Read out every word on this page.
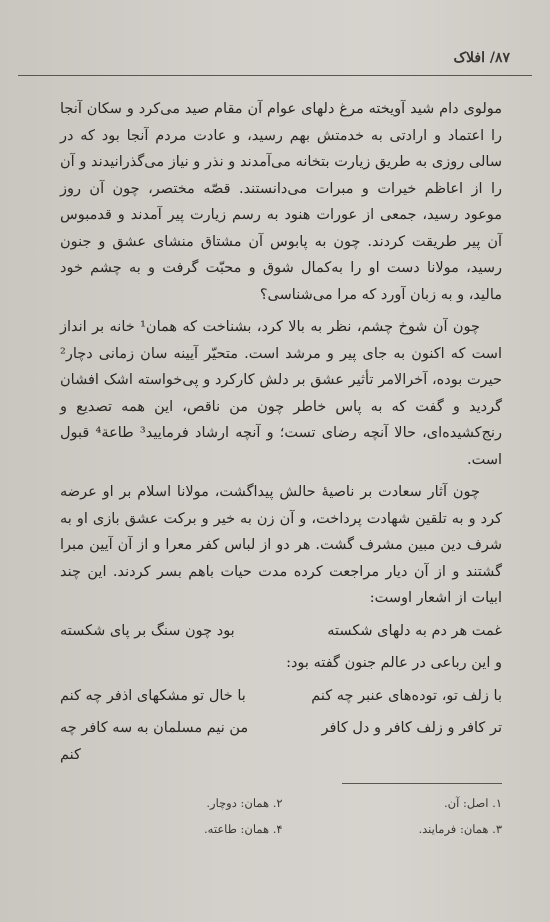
۸۷/ افلاک

مولوی دام شید آویخته مرغ دلهای عوام آن مقام صید می‌کرد و سکان آنجا را اعتماد و ارادتی به خدمتش بهم رسید، و عادت مردم آنجا بود که در سالی روزی به طریق زیارت بتخانه می‌آمدند و نذر و نیاز می‌گذرانیدند و آن را از اعاظم خیرات و مبرات می‌دانستند. قصّه مختصر، چون آن روز موعود رسید، جمعی از عورات هنود به رسم زیارت پیر آمدند و قدمبوس آن پیر طریقت کردند. چون به پابوس آن مشتاق منشای عشق و جنون رسید، مولانا دست او را به‌کمال شوق و محبّت گرفت و به چشم خود مالید، و به زبان آورد که مرا می‌شناسی؟

چون آن شوخ چشم، نظر به بالا کرد، بشناخت که همان¹ خانه بر انداز است که اکنون به جای پیر و مرشد است. متحیّر آیینه سان زمانی دچار² حیرت بوده، آخرالامر تأثیر عشق بر دلش کارکرد و پی‌خواسته اشک افشان گردید و گفت که به پاس خاطر چون من ناقص، این همه تصدیع و رنج‌کشیده‌ای، حالا آنچه رضای تست؛ و آنچه ارشاد فرمایید³ طاعة⁴ قبول است.

چون آثار سعادت بر ناصیهٔ حالش پیداگشت، مولانا اسلام بر او عرضه کرد و به تلقین شهادت پرداخت، و آن زن به خیر و برکت عشق بازی او به شرف دین مبین مشرف گشت. هر دو از لباس کفر معرا و از آن آیین مبرا گشتند و از آن دیار مراجعت کرده مدت حیات باهم بسر کردند. این چند ابیات از اشعار اوست:

غمت هر دم به دلهای شکسته
بود چون سنگ بر پای شکسته

و این رباعی در عالم جنون گفته بود:

با زلف تو، توده‌های عنبر چه کنم
با خال تو مشکهای اذفر چه کنم
تر کافر و زلف کافر و دل کافر
من نیم مسلمان به سه کافر چه کنم
۱. اصل: آن.
۲. همان: دوچار.
۳. همان: فرمایند.
۴. همان: طاعته.
